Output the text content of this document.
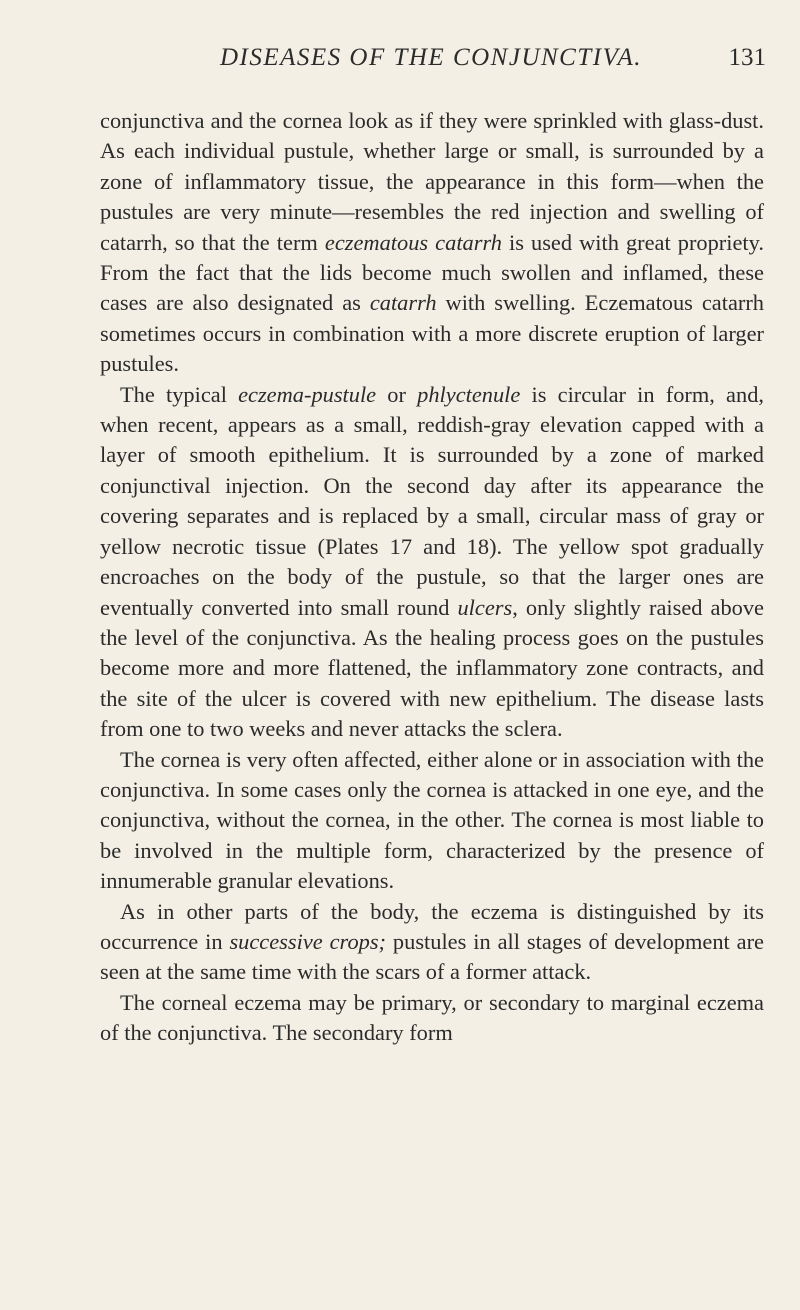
DISEASES OF THE CONJUNCTIVA.	131

conjunctiva and the cornea look as if they were sprinkled with glass-dust. As each individual pustule, whether large or small, is surrounded by a zone of inflammatory tissue, the appearance in this form—when the pustules are very minute—resembles the red injection and swelling of catarrh, so that the term eczematous catarrh is used with great propriety. From the fact that the lids become much swollen and inflamed, these cases are also designated as catarrh with swelling. Eczematous catarrh sometimes occurs in combination with a more discrete eruption of larger pustules.

The typical eczema-pustule or phlyctenule is circular in form, and, when recent, appears as a small, reddish-gray elevation capped with a layer of smooth epithelium. It is surrounded by a zone of marked conjunctival injection. On the second day after its appearance the covering separates and is replaced by a small, circular mass of gray or yellow necrotic tissue (Plates 17 and 18). The yellow spot gradually encroaches on the body of the pustule, so that the larger ones are eventually converted into small round ulcers, only slightly raised above the level of the conjunctiva. As the healing process goes on the pustules become more and more flattened, the inflammatory zone contracts, and the site of the ulcer is covered with new epithelium. The disease lasts from one to two weeks and never attacks the sclera.

The cornea is very often affected, either alone or in association with the conjunctiva. In some cases only the cornea is attacked in one eye, and the conjunctiva, without the cornea, in the other. The cornea is most liable to be involved in the multiple form, characterized by the presence of innumerable granular elevations.

As in other parts of the body, the eczema is distinguished by its occurrence in successive crops; pustules in all stages of development are seen at the same time with the scars of a former attack.

The corneal eczema may be primary, or secondary to marginal eczema of the conjunctiva. The secondary form
